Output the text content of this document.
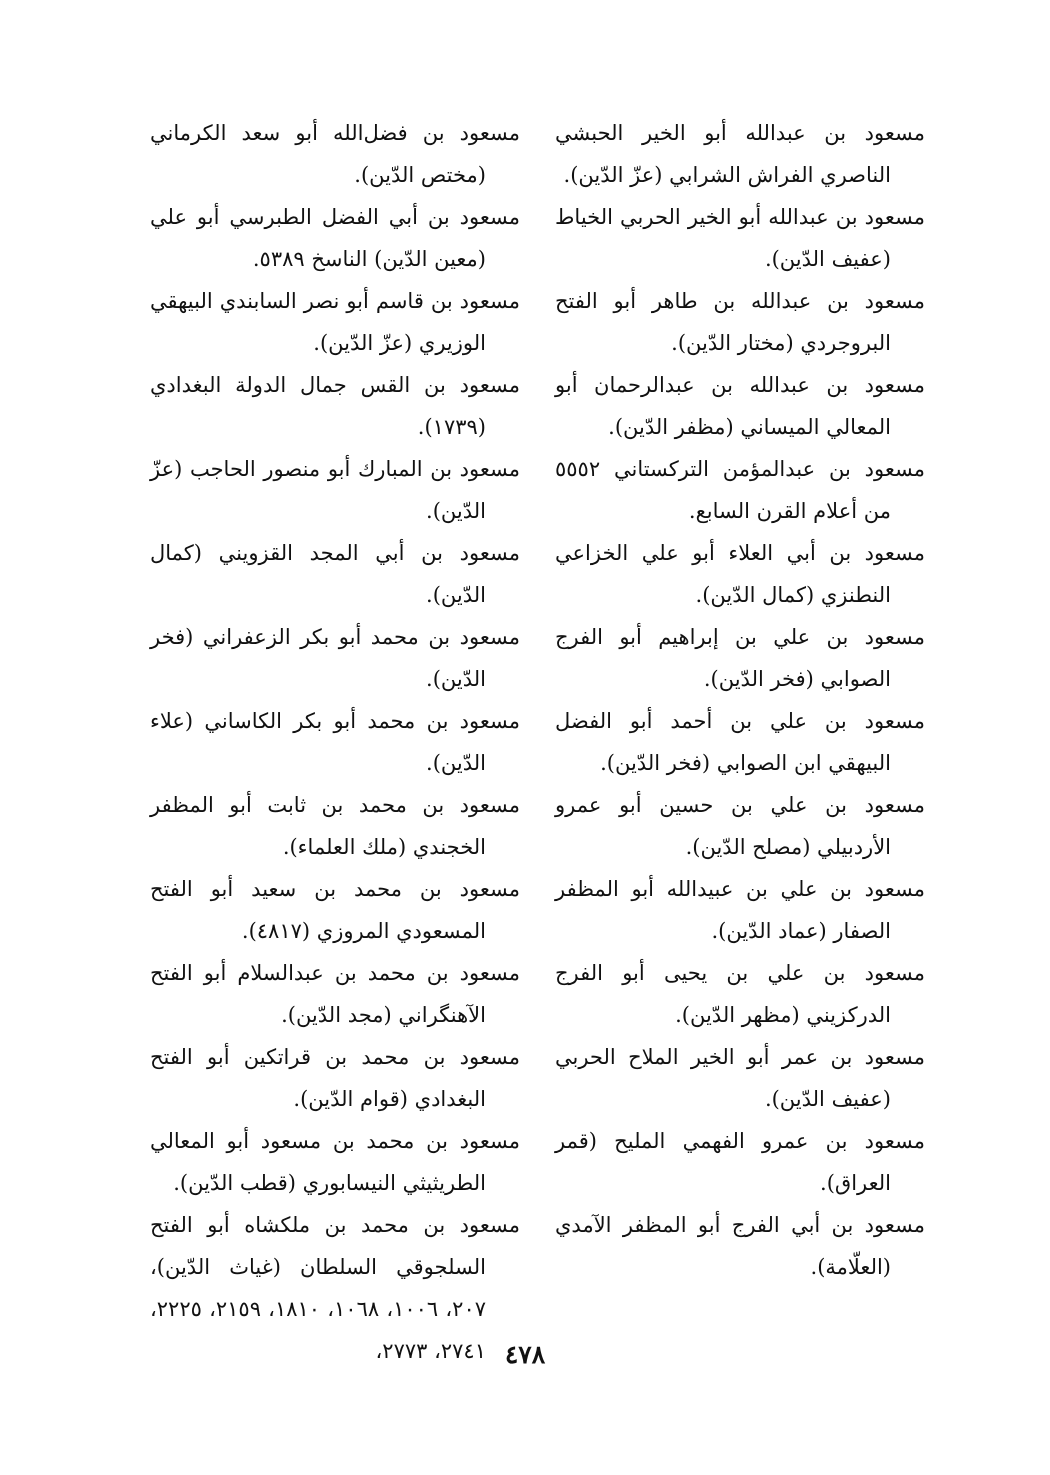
مسعود بن عبدالله أبو الخير الحبشي الناصري الفراش الشرابي (عزّ الدّين).

مسعود بن عبدالله أبو الخير الحربي الخياط (عفيف الدّين).

مسعود بن عبدالله بن طاهر أبو الفتح البروجردي (مختار الدّين).

مسعود بن عبدالله بن عبدالرحمان أبو المعالي الميساني (مظفر الدّين).

مسعود بن عبدالمؤمن التركستاني ٥٥٥٢ من أعلام القرن السابع.

مسعود بن أبي العلاء أبو علي الخزاعي النطنزي (كمال الدّين).

مسعود بن علي بن إبراهيم أبو الفرج الصوابي (فخر الدّين).

مسعود بن علي بن أحمد أبو الفضل البيهقي ابن الصوابي (فخر الدّين).

مسعود بن علي بن حسين أبو عمرو الأردبيلي (مصلح الدّين).

مسعود بن علي بن عبيدالله أبو المظفر الصفار (عماد الدّين).

مسعود بن علي بن يحيى أبو الفرج الدركزيني (مظهر الدّين).

مسعود بن عمر أبو الخير الملاح الحربي (عفيف الدّين).

مسعود بن عمرو الفهمي المليح (قمر العراق).

مسعود بن أبي الفرج أبو المظفر الآمدي (العلّامة).

مسعود بن فضل‌الله أبو سعد الكرماني (مختص الدّين).

مسعود بن أبي الفضل الطبرسي أبو علي (معين الدّين) الناسخ ٥٣٨٩.

مسعود بن قاسم أبو نصر السابندي البيهقي الوزيري (عزّ الدّين).

مسعود بن القس جمال الدولة البغدادي (١٧٣٩).

مسعود بن المبارك أبو منصور الحاجب (عزّ الدّين).

مسعود بن أبي المجد القزويني (كمال الدّين).

مسعود بن محمد أبو بكر الزعفراني (فخر الدّين).

مسعود بن محمد أبو بكر الكاساني (علاء الدّين).

مسعود بن محمد بن ثابت أبو المظفر الخجندي (ملك العلماء).

مسعود بن محمد بن سعيد أبو الفتح المسعودي المروزي (٤٨١٧).

مسعود بن محمد بن عبدالسلام أبو الفتح الآهنگراني (مجد الدّين).

مسعود بن محمد بن قراتكين أبو الفتح البغدادي (قوام الدّين).

مسعود بن محمد بن مسعود أبو المعالي الطريثيثي النيسابوري (قطب الدّين).

مسعود بن محمد بن ملكشاه أبو الفتح السلجوقي السلطان (غياث الدّين)، ٢٠٧، ١٠٠٦، ١٠٦٨، ١٨١٠، ٢١٥٩، ٢٢٢٥، ٢٧٤١، ٢٧٧٣، ٤٧٨
